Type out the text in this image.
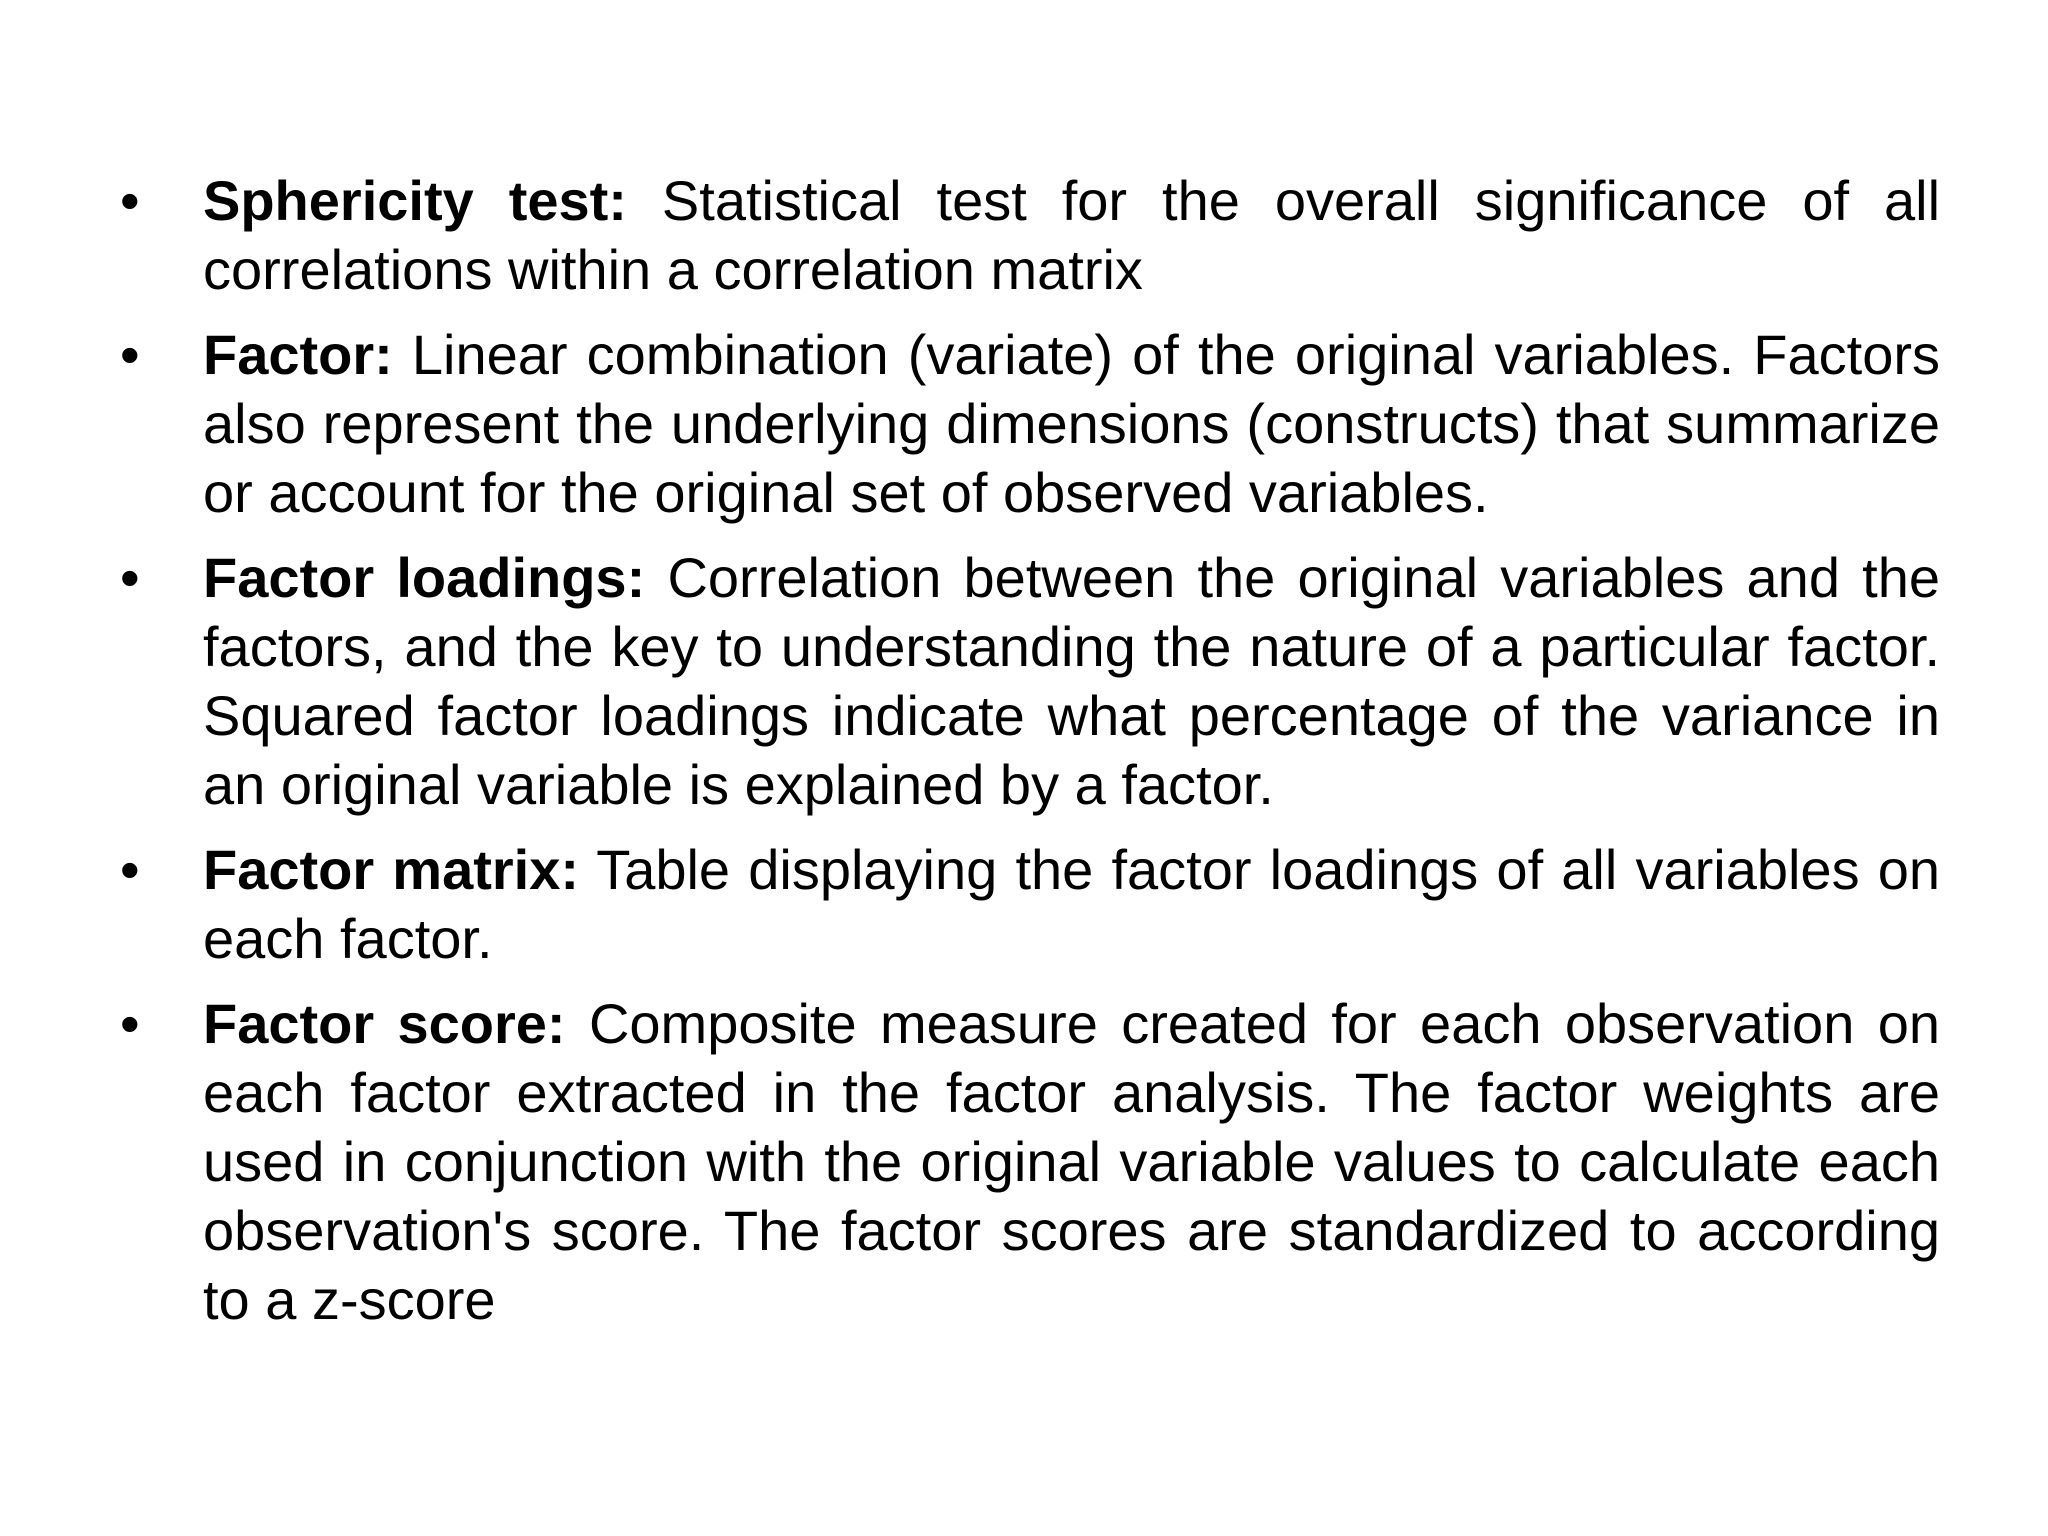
•	Sphericity test: Statistical test for the overall significance of all correlations within a correlation matrix
•	Factor: Linear combination (variate) of the original variables. Factors also represent the underlying dimensions (constructs) that summarize or account for the original set of observed variables.
•	Factor loadings: Correlation between the original variables and the factors, and the key to understanding the nature of a particular factor. Squared factor loadings indicate what percentage of the variance in an original variable is explained by a factor.
•	Factor matrix: Table displaying the factor loadings of all variables on each factor.
•	Factor score: Composite measure created for each observation on each factor extracted in the factor analysis. The factor weights are used in conjunction with the original variable values to calculate each observation's score. The factor scores are standardized to according to a z-score
